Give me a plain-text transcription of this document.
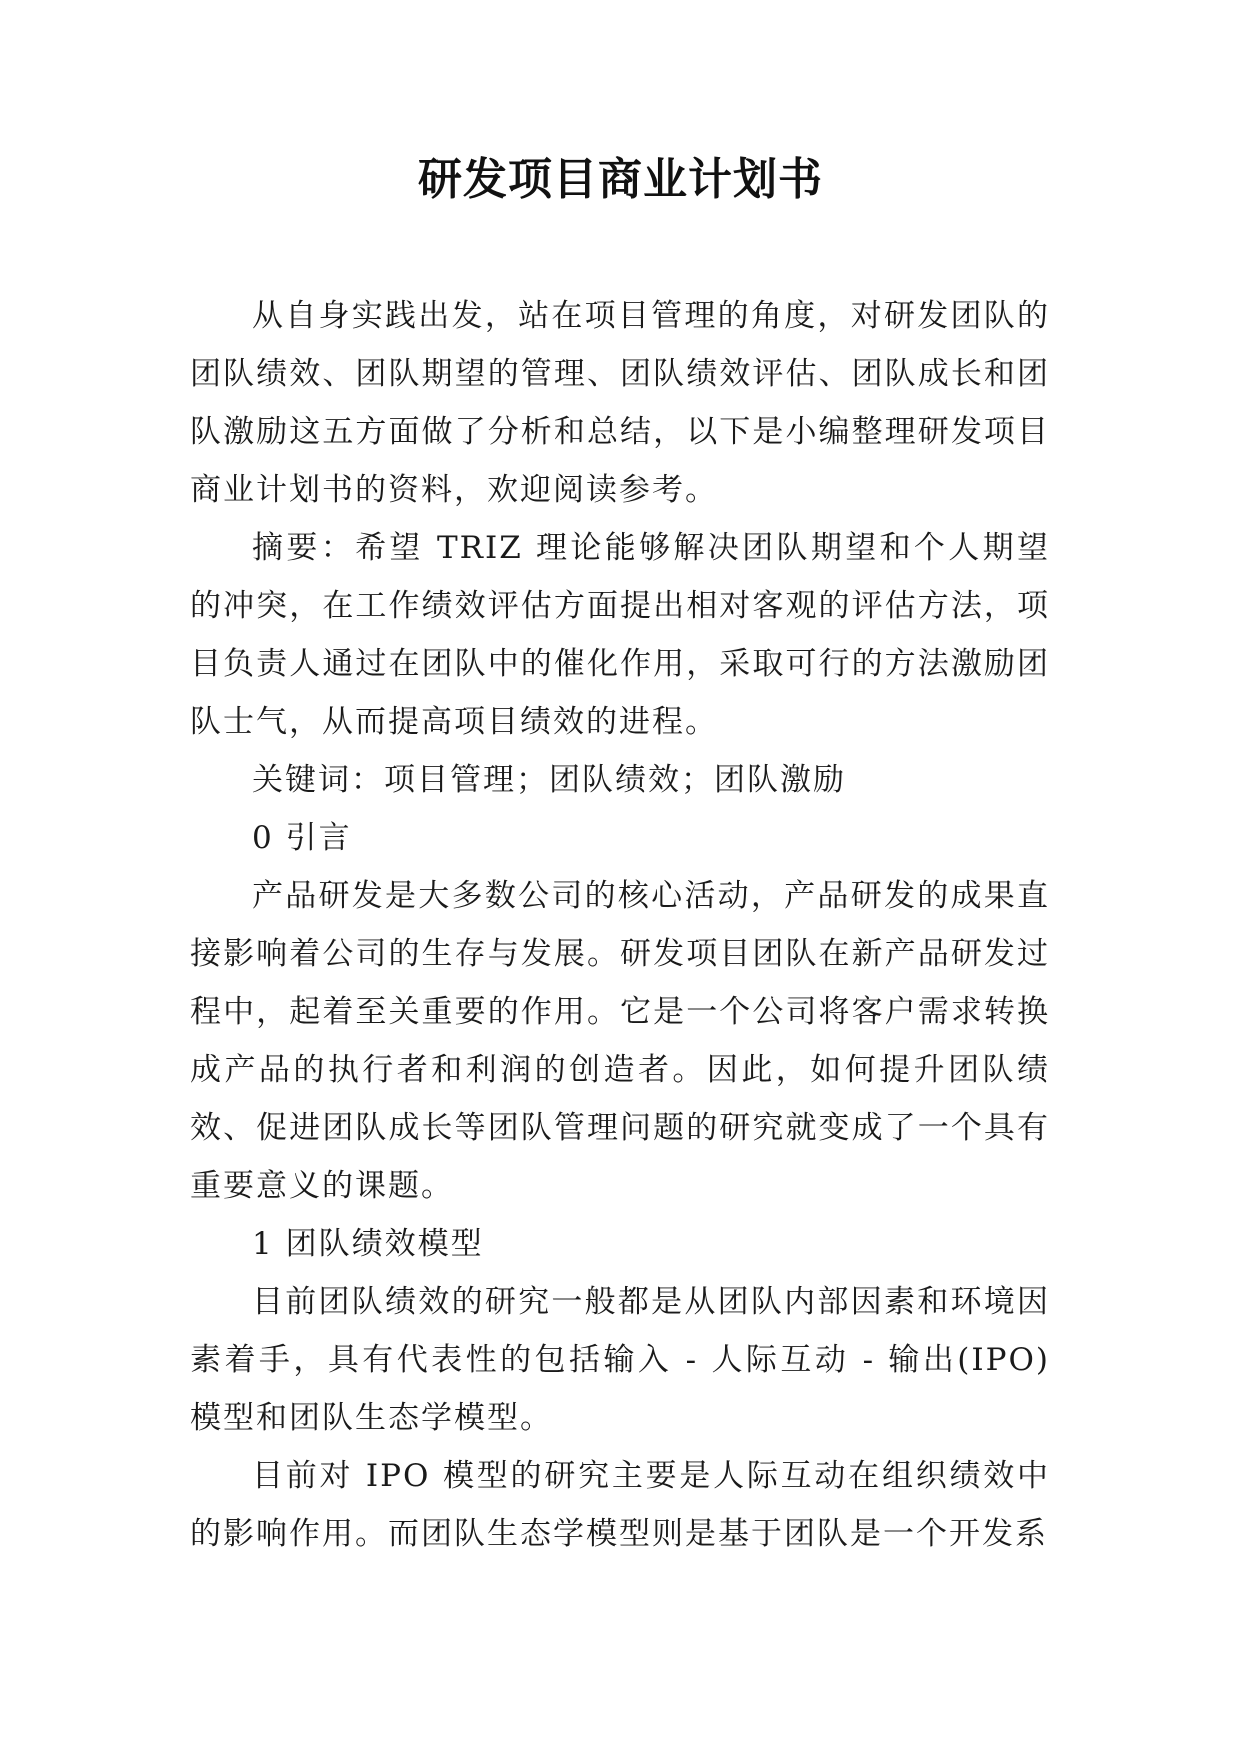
研发项目商业计划书

从自身实践出发，站在项目管理的角度，对研发团队的团队绩效、团队期望的管理、团队绩效评估、团队成长和团队激励这五方面做了分析和总结，以下是小编整理研发项目商业计划书的资料，欢迎阅读参考。

摘要：希望 TRIZ 理论能够解决团队期望和个人期望的冲突，在工作绩效评估方面提出相对客观的评估方法，项目负责人通过在团队中的催化作用，采取可行的方法激励团队士气，从而提高项目绩效的进程。

关键词：项目管理；团队绩效；团队激励

0 引言

产品研发是大多数公司的核心活动，产品研发的成果直接影响着公司的生存与发展。研发项目团队在新产品研发过程中，起着至关重要的作用。它是一个公司将客户需求转换成产品的执行者和利润的创造者。因此，如何提升团队绩效、促进团队成长等团队管理问题的研究就变成了一个具有重要意义的课题。

1 团队绩效模型

目前团队绩效的研究一般都是从团队内部因素和环境因素着手，具有代表性的包括输入 - 人际互动 - 输出(IPO) 模型和团队生态学模型。

目前对 IPO 模型的研究主要是人际互动在组织绩效中的影响作用。而团队生态学模型则是基于团队是一个开发系
